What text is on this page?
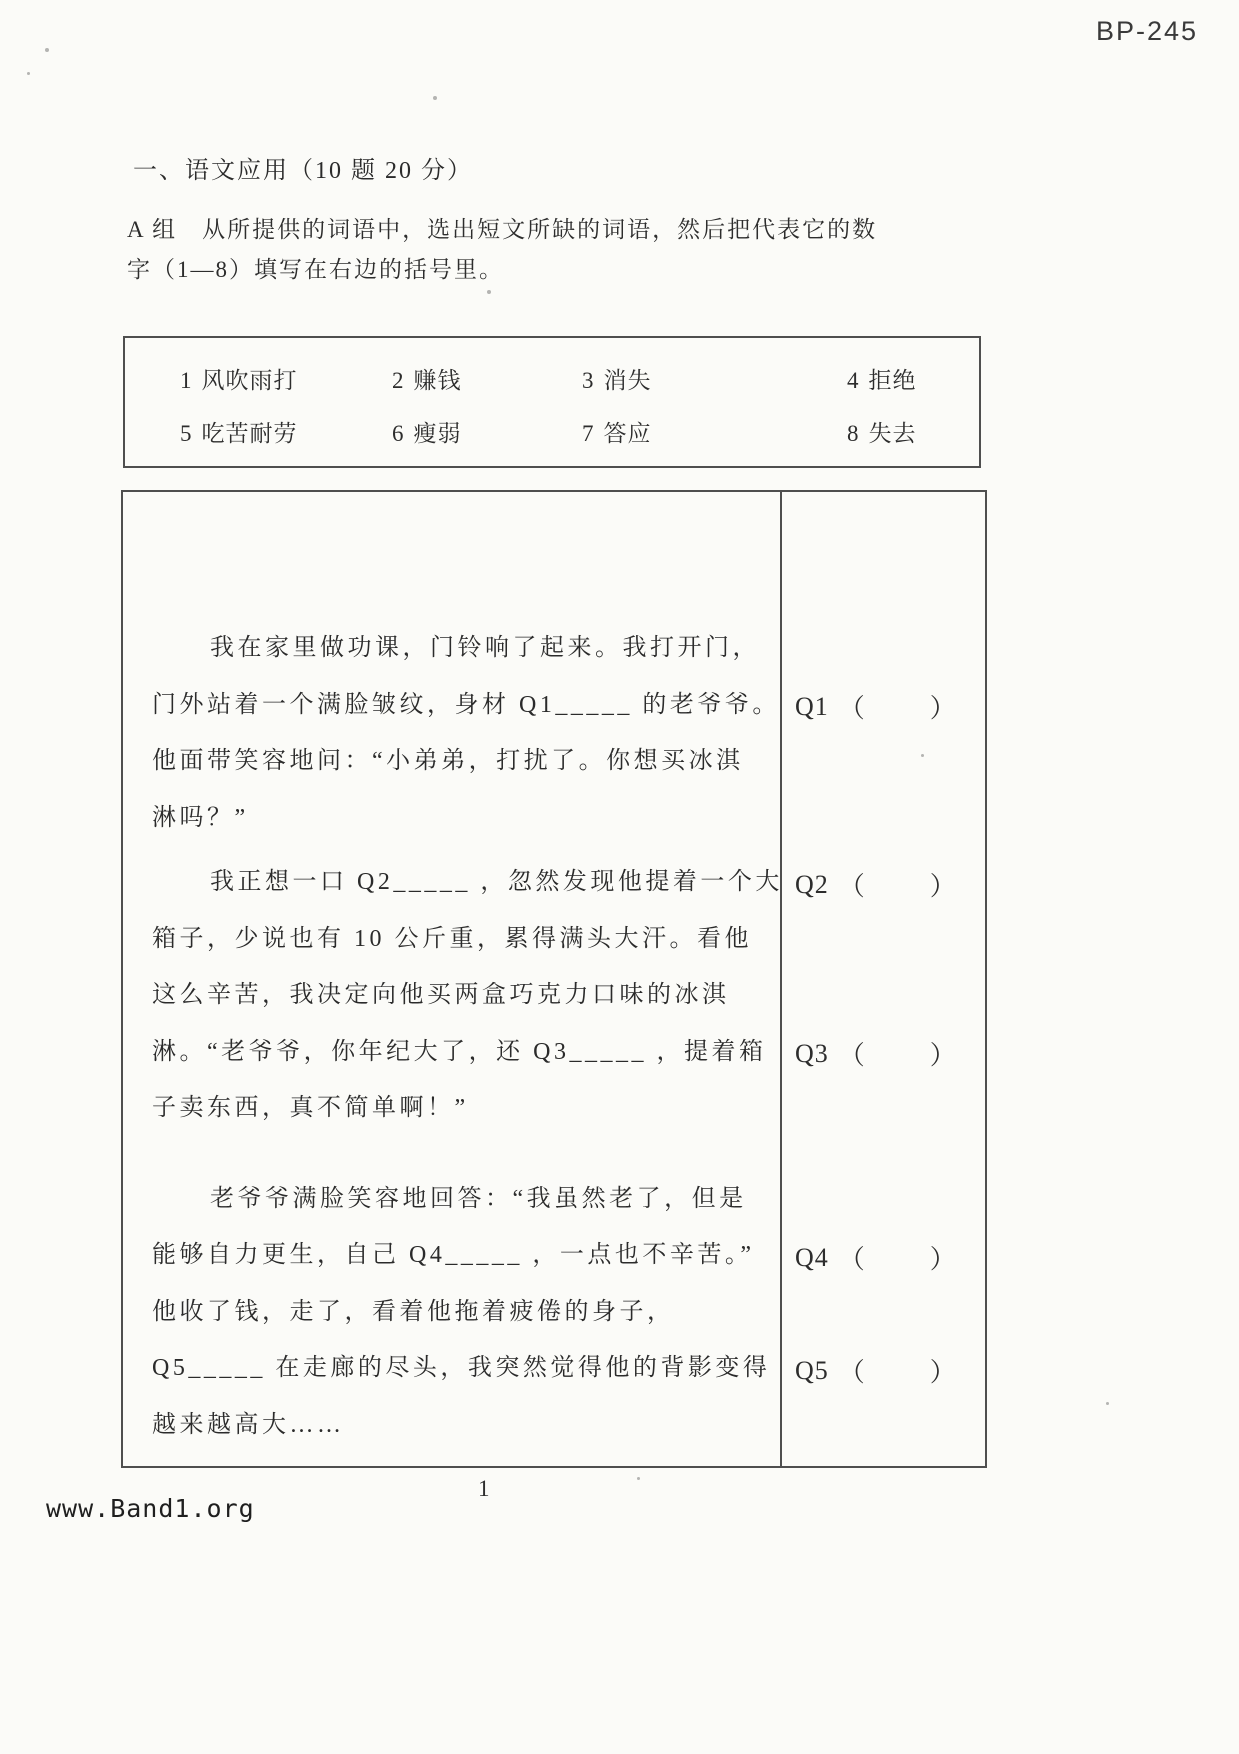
BP-245
一、语文应用（10 题 20 分）
A 组　从所提供的词语中，选出短文所缺的词语，然后把代表它的数
字（1—8）填写在右边的括号里。
1 风吹雨打	2 赚钱	3 消失	4 拒绝
5 吃苦耐劳	6 瘦弱	7 答应	8 失去
我在家里做功课，门铃响了起来。我打开门，
门外站着一个满脸皱纹，身材 Q1_____ 的老爷爷。
他面带笑容地问：“小弟弟，打扰了。你想买冰淇
淋吗？”
我正想一口 Q2_____ ，忽然发现他提着一个大
箱子，少说也有 10 公斤重，累得满头大汗。看他
这么辛苦，我决定向他买两盒巧克力口味的冰淇
淋。“老爷爷，你年纪大了，还 Q3_____ ，提着箱
子卖东西，真不简单啊！”
老爷爷满脸笑容地回答：“我虽然老了，但是
能够自力更生，自己 Q4_____ ，一点也不辛苦。”
他收了钱，走了，看着他拖着疲倦的身子，
Q5_____ 在走廊的尽头，我突然觉得他的背影变得
越来越高大……
Q1 （ ）
Q2 （ ）
Q3 （ ）
Q4 （ ）
Q5 （ ）
1
www.Band1.org
